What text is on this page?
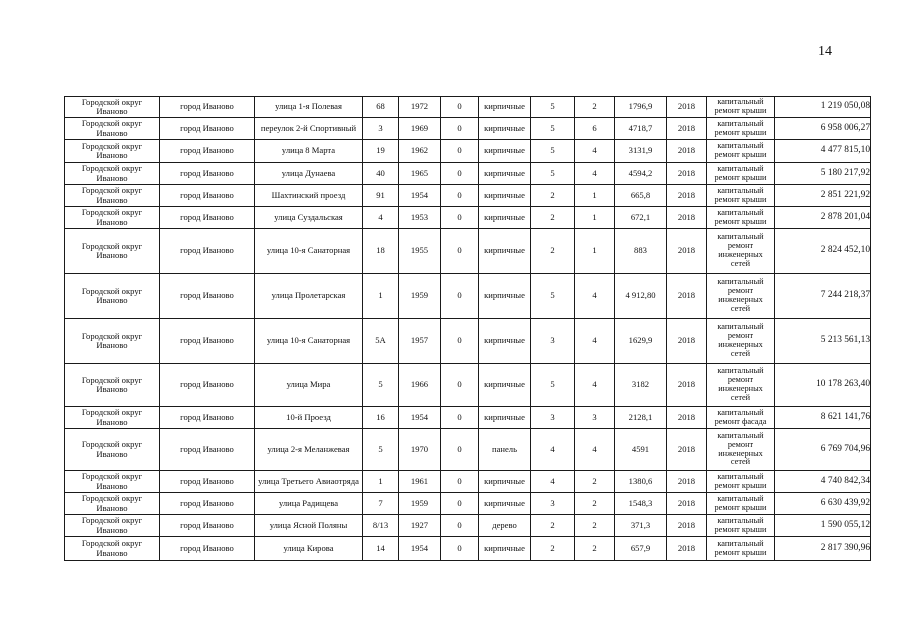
14
Городской округ Иваново	город Иваново	улица 1-я Полевая	68	1972	0	кирпичные	5	2	1796,9	2018	капитальный ремонт крыши	1 219 050,08
Городской округ Иваново	город Иваново	переулок 2-й Спортивный	3	1969	0	кирпичные	5	6	4718,7	2018	капитальный ремонт крыши	6 958 006,27
Городской округ Иваново	город Иваново	улица 8 Марта	19	1962	0	кирпичные	5	4	3131,9	2018	капитальный ремонт крыши	4 477 815,10
Городской округ Иваново	город Иваново	улица Дунаева	40	1965	0	кирпичные	5	4	4594,2	2018	капитальный ремонт крыши	5 180 217,92
Городской округ Иваново	город Иваново	Шахтинский проезд	91	1954	0	кирпичные	2	1	665,8	2018	капитальный ремонт крыши	2 851 221,92
Городской округ Иваново	город Иваново	улица Суздальская	4	1953	0	кирпичные	2	1	672,1	2018	капитальный ремонт крыши	2 878 201,04
Городской округ Иваново	город Иваново	улица 10-я Санаторная	18	1955	0	кирпичные	2	1	883	2018	капитальный ремонт инженерных сетей	2 824 452,10
Городской округ Иваново	город Иваново	улица Пролетарская	1	1959	0	кирпичные	5	4	4 912,80	2018	капитальный ремонт инженерных сетей	7 244 218,37
Городской округ Иваново	город Иваново	улица 10-я Санаторная	5А	1957	0	кирпичные	3	4	1629,9	2018	капитальный ремонт инженерных сетей	5 213 561,13
Городской округ Иваново	город Иваново	улица Мира	5	1966	0	кирпичные	5	4	3182	2018	капитальный ремонт инженерных сетей	10 178 263,40
Городской округ Иваново	город Иваново	10-й Проезд	16	1954	0	кирпичные	3	3	2128,1	2018	капитальный ремонт фасада	8 621 141,76
Городской округ Иваново	город Иваново	улица 2-я Меланжевая	5	1970	0	панель	4	4	4591	2018	капитальный ремонт инженерных сетей	6 769 704,96
Городской округ Иваново	город Иваново	улица Третьего Авиаотряда	1	1961	0	кирпичные	4	2	1380,6	2018	капитальный ремонт крыши	4 740 842,34
Городской округ Иваново	город Иваново	улица Радищева	7	1959	0	кирпичные	3	2	1548,3	2018	капитальный ремонт крыши	6 630 439,92
Городской округ Иваново	город Иваново	улица Ясной Поляны	8/13	1927	0	дерево	2	2	371,3	2018	капитальный ремонт крыши	1 590 055,12
Городской округ Иваново	город Иваново	улица Кирова	14	1954	0	кирпичные	2	2	657,9	2018	капитальный ремонт крыши	2 817 390,96
